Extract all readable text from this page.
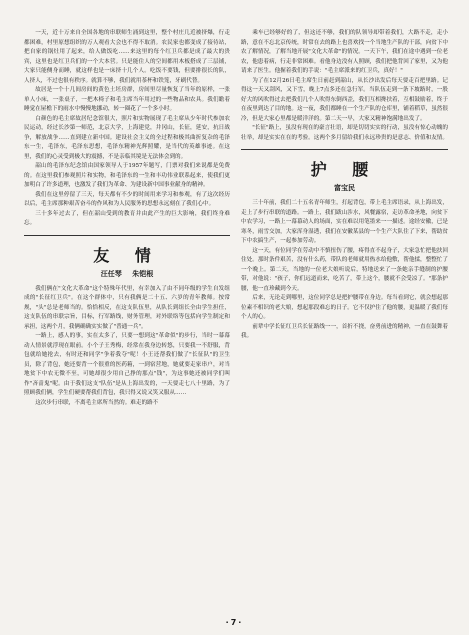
一天，近十万来自全国各地的串联师生涌到这里，整个村庄几近被挤爆，行走都困难，村里原想组织的万人观看大会也不得不取消。农民家也都变成了接待站，把自家的锅灶用了起来，给人做饭吃……来这里的每个红卫兵都是成了最大的贵宾，这里也是红卫兵们的一个大本营。只是能住人的空间都用木板搭成了三层铺，大家只能侧身而睡，就这样也是一床挤十几个人。吃饭不要钱，但要排很长的队，人挤人，不过也很有秩序。就算不够，我们就用茶杯和铁笼，牙刷代替。

故居是一个十几间房间的黄色土坯房群，房间里尽量恢复了当年的原样，一张单人小床，一张桌子，一把木椅子和毛主席当年用过的一些物品和农具。我们瞻着睡觉在屋檐下的雨水中慢慢地挪动，转一圈花了一个多小时。

白颜色的毛主席故居纪念馆很大，照片和实物展现了毛主席从少年时代参加农民运动，经过长沙第一师范，北京大学，上海建党，井冈山，长征，延安，抗日战争，解放战争……直到建立新中国。建设社会主义的全过程和极其曲折复杂的毛泽东一生，毛泽东，毛泽东思想，毛泽东精神光辉照耀，是当代的英雄事迹。在这里，我们的心灵受到极大的震撼，不是亲临其境是无法体会到的。

韶山的毛泽东纪念馆由国家领导人于1957年题写，门票对我们来说都是免费的。在这里我们参观照片和实物，和毛泽东的一生和丰功伟业联系起来，使我们更加明白了许多道理，也激发了我们为革命、为建设新中国事业献身的精神。

我们在这里停留了三天，每天都有不少的时间用来学习和参观，有了这次经历以后，毛主席那种艰苦奋斗的作风和为人民服务的思想永远刻在了我们心中。

三十多年过去了，但在韶山受到的教育并由此产生的巨大影响，我们终身难忘。

友 情
汪任琴 朱铠根

我们俩在"文化大革命"这个特殊年代里，有幸加入了由不同年级的学生自发组成的"长征红卫兵"。在这个群体中，只有我俩是二十五、六岁的青年教师。按常规，"头"总是老师当的。恰恰相反，在这支队伍里，从队长到组长全由学生担任，这支队伍的串联宗旨，目标，行军路线，财务管理，对外联络等包括向学生制定和承担，这两个月，我俩确确实实做了"普通一兵"。

一路上，感人的事，实在太多了，只要一想到这"革命似"的步行，当时一幕幕动人情景就浮现在眼前。小个子王秀梅，经常在我身边转悠，只要我一不舒服，背包就给她抢去，有时还和同学"争着我夺"呢！小王还帮我们做了"长征队"的卫生员，除了背包，她还要背一个很重的医药箱，一到宿营地，她就要走家串户，对当地贫下中农无微不至，可她却很少用自己挣的那点"钱"，为这事她还被同学们叫作"吝啬鬼"呢。由于我们这支"队伍"是从上海出发的，一天要走七八十里路，为了照顾我们俩，学生们硬要帮我们背包，我只得又说又笑又服从……

这次步行串联，不离毛主席所当然的。难走的路不

乘车已经够好的了，但这还不够，我们的队领导却带着我们，大路不走，走小路，意在不忘北京传统，时常在去的路上也喜欢找一个当地生产队的干部，向贫下中农了解情况，了解当地开展"文化大革命"的情况。一天下午，我们在途中遇到一位老农，他患着病，行走非常困难。看他身边没有人照顾，我们把他背回了家里，又为他请来了医生。他握着我们的手说："毛主席派来的红卫兵，真好！"

为了在12月26日毛主席生日前赶到韶山，从长沙出发后每天要走百把里路。记得这一天又刮风，又下雪，晚上7点多还在急行军。当队伍走到一条下坡路时，一股好大的风吹得过去把我们几个人吹得东倒西歪，我们互相搀扶着，互相鼓励着，终于在夜里到达了目的地。这一夜，我们都睡在一个生产队的仓库里，铺着稻草，虽然很冷，但是大家心里都是暖洋洋的。第二天一早，大家又精神饱满地出发了。

"长征"路上，虽没有现在的豪言壮语，却是切切实实的行动，虽没有惊心动魄的壮举，却是实实在在的考验。这两个多月留给我们永远珍贵的是意志、价值和友情。

护 腰
富宝民

三十年前，我们二十五名青年师生，打起背包，带上毛主席语录，从上海出发，走上了步行串联的道路。一路上，我们跋山涉水，风餐露宿，走访革命圣地，向贫下中农学习，一路上一幕幕动人的场面，实在难以用笔墨来一一描述。途经安徽，已是寒冬，雨雪交加，大家浑身湿透，我们在安徽某县的一个生产大队住了下来，帮助贫下中农搞生产，一起参加劳动。

这一天，有位同学在劳动中不慎扭伤了腰，疼得直不起身子，大家急忙把他扶回住处。那时条件艰苦，没有什么药，带队的老师就用热水给他敷，帮他揉，整整忙了一个晚上。第二天，当地的一位老大娘听说后，特地送来了一条她亲手缝制的护腰带，对他说："孩子，你们远道而来，吃苦了，带上这个，腰就不会受凉了。"那条护腰，他一直珍藏到今天。

后来，无论走到哪里，这位同学总是把护腰带在身边。每当看到它，就会想起那位素不相识的老大娘，想起那段难忘的日子。它不仅护住了他的腰，更温暖了我们每个人的心。

前辈中学长征红卫兵长征路线一一，首折不挠，奋勇前进的精神，一直在鼓舞着我。

·7·
